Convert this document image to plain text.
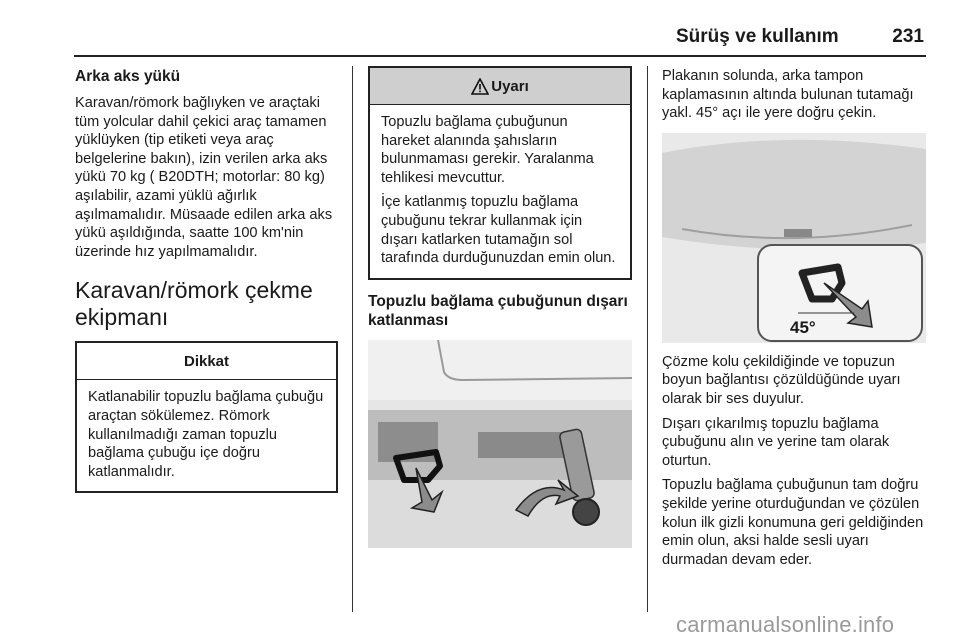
Sürüş ve kullanım	231

Arka aks yükü

Karavan/römork bağlıyken ve araçtaki tüm yolcular dahil çekici araç tamamen yüklüyken (tip etiketi veya araç belgelerine bakın), izin verilen arka aks yükü 70 kg ( B20DTH; motorlar: 80 kg) aşılabilir, azami yüklü ağırlık aşılmamalıdır. Müsaade edilen arka aks yükü aşıldığında, saatte 100 km'nin üzerinde hız yapılmamalıdır.

Karavan/römork çekme ekipmanı

Dikkat
Katlanabilir topuzlu bağlama çubuğu araçtan sökülemez. Römork kullanılmadığı zaman topuzlu bağlama çubuğu içe doğru katlanmalıdır.
Uyarı

Topuzlu bağlama çubuğunun hareket alanında şahısların bulunmaması gerekir. Yaralanma tehlikesi mevcuttur.

İçe katlanmış topuzlu bağlama çubuğunu tekrar kullanmak için dışarı katlarken tutamağın sol tarafında durduğunuzdan emin olun.

Topuzlu bağlama çubuğunun dışarı katlanması

Plakanın solunda, arka tampon kaplamasının altında bulunan tutamağı yakl. 45° açı ile yere doğru çekin.

45°

Çözme kolu çekildiğinde ve topuzun boyun bağlantısı çözüldüğünde uyarı olarak bir ses duyulur.

Dışarı çıkarılmış topuzlu bağlama çubuğunu alın ve yerine tam olarak oturtun.

Topuzlu bağlama çubuğunun tam doğru şekilde yerine oturduğundan ve çözülen kolun ilk gizli konumuna geri geldiğinden emin olun, aksi halde sesli uyarı durmadan devam eder.

carmanualsonline.info
